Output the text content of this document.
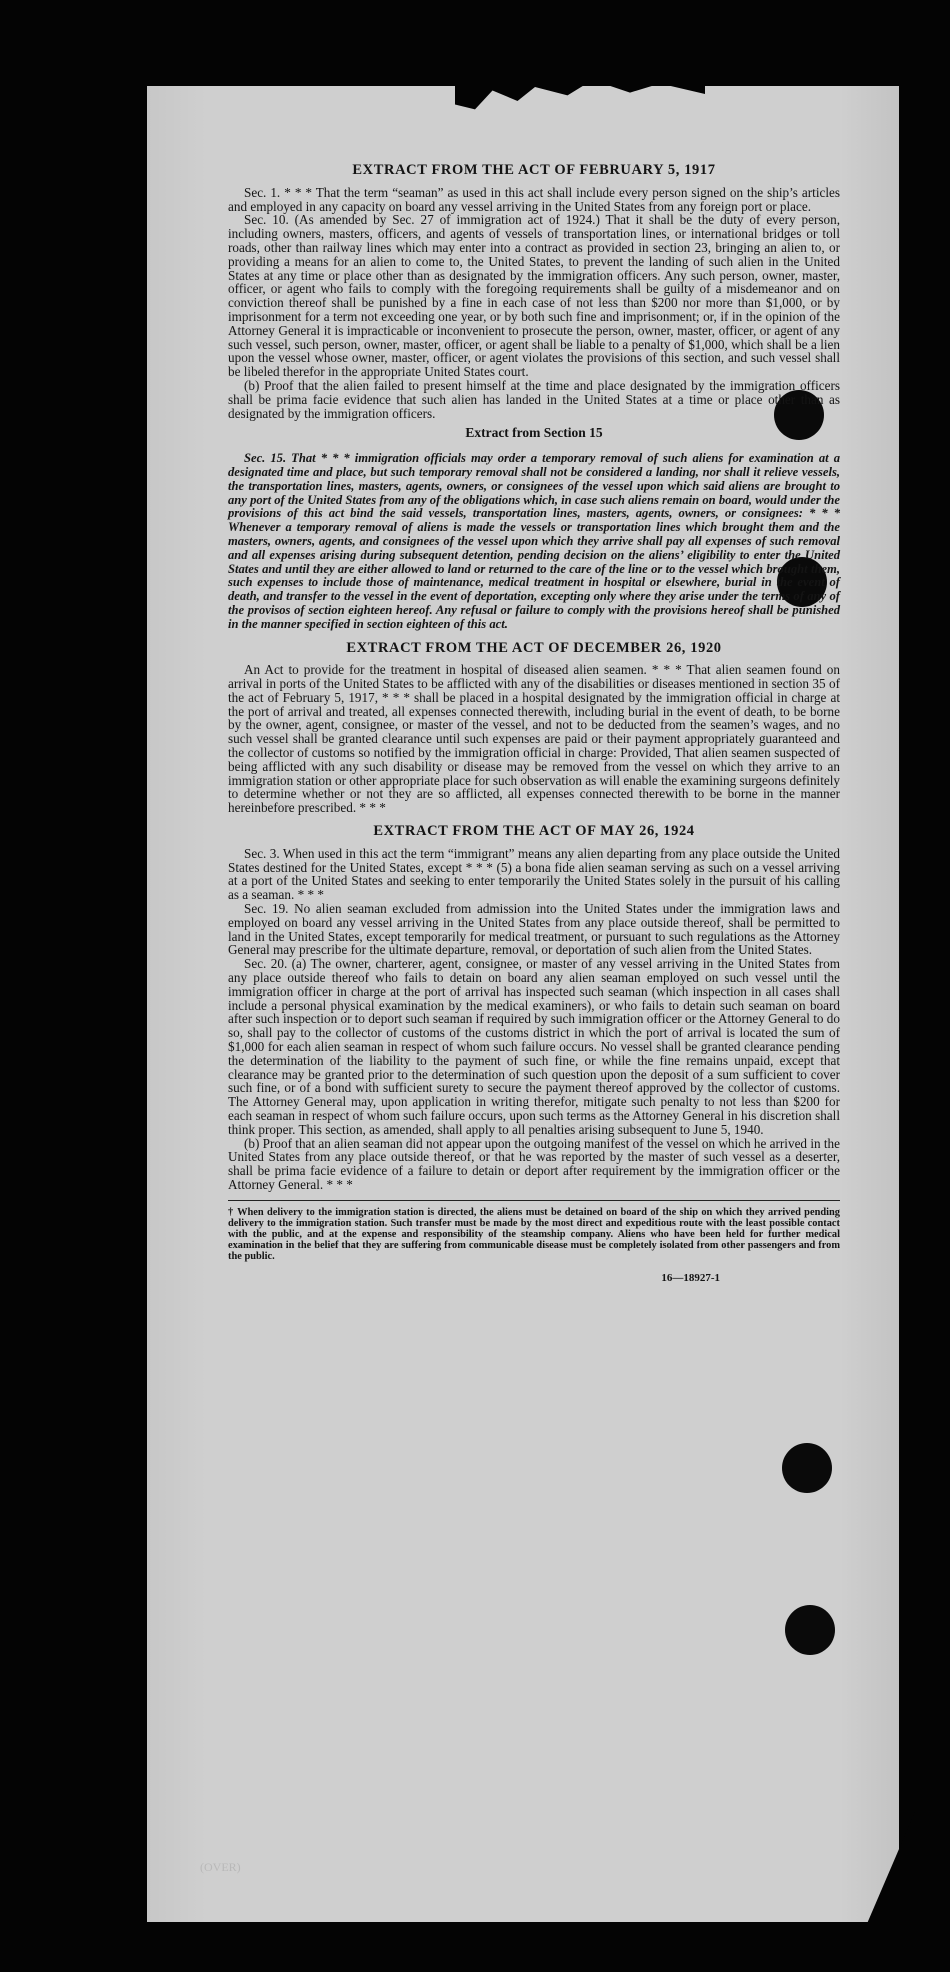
EXTRACT FROM THE ACT OF FEBRUARY 5, 1917

Sec. 1. * * * That the term “seaman” as used in this act shall include every person signed on the ship’s articles and employed in any capacity on board any vessel arriving in the United States from any foreign port or place.

Sec. 10. (As amended by Sec. 27 of immigration act of 1924.) That it shall be the duty of every person, including owners, masters, officers, and agents of vessels of transportation lines, or international bridges or toll roads, other than railway lines which may enter into a contract as provided in section 23, bringing an alien to, or providing a means for an alien to come to, the United States, to prevent the landing of such alien in the United States at any time or place other than as designated by the immigration officers. Any such person, owner, master, officer, or agent who fails to comply with the foregoing requirements shall be guilty of a misdemeanor and on conviction thereof shall be punished by a fine in each case of not less than $200 nor more than $1,000, or by imprisonment for a term not exceeding one year, or by both such fine and imprisonment; or, if in the opinion of the Attorney General it is impracticable or inconvenient to prosecute the person, owner, master, officer, or agent of any such vessel, such person, owner, master, officer, or agent shall be liable to a penalty of $1,000, which shall be a lien upon the vessel whose owner, master, officer, or agent violates the provisions of this section, and such vessel shall be libeled therefor in the appropriate United States court.

(b) Proof that the alien failed to present himself at the time and place designated by the immigration officers shall be prima facie evidence that such alien has landed in the United States at a time or place other than as designated by the immigration officers.

Extract from Section 15

Sec. 15. That * * * immigration officials may order a temporary removal of such aliens for examination at a designated time and place, but such temporary removal shall not be considered a landing, nor shall it relieve vessels, the transportation lines, masters, agents, owners, or consignees of the vessel upon which said aliens are brought to any port of the United States from any of the obligations which, in case such aliens remain on board, would under the provisions of this act bind the said vessels, transportation lines, masters, agents, owners, or consignees: * * * Whenever a temporary removal of aliens is made the vessels or transportation lines which brought them and the masters, owners, agents, and consignees of the vessel upon which they arrive shall pay all expenses of such removal and all expenses arising during subsequent detention, pending decision on the aliens’ eligibility to enter the United States and until they are either allowed to land or returned to the care of the line or to the vessel which brought them, such expenses to include those of maintenance, medical treatment in hospital or elsewhere, burial in the event of death, and transfer to the vessel in the event of deportation, excepting only where they arise under the terms of any of the provisos of section eighteen hereof. Any refusal or failure to comply with the provisions hereof shall be punished in the manner specified in section eighteen of this act.

EXTRACT FROM THE ACT OF DECEMBER 26, 1920

An Act to provide for the treatment in hospital of diseased alien seamen. * * * That alien seamen found on arrival in ports of the United States to be afflicted with any of the disabilities or diseases mentioned in section 35 of the act of February 5, 1917, * * * shall be placed in a hospital designated by the immigration official in charge at the port of arrival and treated, all expenses connected therewith, including burial in the event of death, to be borne by the owner, agent, consignee, or master of the vessel, and not to be deducted from the seamen’s wages, and no such vessel shall be granted clearance until such expenses are paid or their payment appropriately guaranteed and the collector of customs so notified by the immigration official in charge: Provided, That alien seamen suspected of being afflicted with any such disability or disease may be removed from the vessel on which they arrive to an immigration station or other appropriate place for such observation as will enable the examining surgeons definitely to determine whether or not they are so afflicted, all expenses connected therewith to be borne in the manner hereinbefore prescribed. * * *

EXTRACT FROM THE ACT OF MAY 26, 1924

Sec. 3. When used in this act the term “immigrant” means any alien departing from any place outside the United States destined for the United States, except * * * (5) a bona fide alien seaman serving as such on a vessel arriving at a port of the United States and seeking to enter temporarily the United States solely in the pursuit of his calling as a seaman. * * *

Sec. 19. No alien seaman excluded from admission into the United States under the immigration laws and employed on board any vessel arriving in the United States from any place outside thereof, shall be permitted to land in the United States, except temporarily for medical treatment, or pursuant to such regulations as the Attorney General may prescribe for the ultimate departure, removal, or deportation of such alien from the United States.

Sec. 20. (a) The owner, charterer, agent, consignee, or master of any vessel arriving in the United States from any place outside thereof who fails to detain on board any alien seaman employed on such vessel until the immigration officer in charge at the port of arrival has inspected such seaman (which inspection in all cases shall include a personal physical examination by the medical examiners), or who fails to detain such seaman on board after such inspection or to deport such seaman if required by such immigration officer or the Attorney General to do so, shall pay to the collector of customs of the customs district in which the port of arrival is located the sum of $1,000 for each alien seaman in respect of whom such failure occurs. No vessel shall be granted clearance pending the determination of the liability to the payment of such fine, or while the fine remains unpaid, except that clearance may be granted prior to the determination of such question upon the deposit of a sum sufficient to cover such fine, or of a bond with sufficient surety to secure the payment thereof approved by the collector of customs. The Attorney General may, upon application in writing therefor, mitigate such penalty to not less than $200 for each seaman in respect of whom such failure occurs, upon such terms as the Attorney General in his discretion shall think proper. This section, as amended, shall apply to all penalties arising subsequent to June 5, 1940.

(b) Proof that an alien seaman did not appear upon the outgoing manifest of the vessel on which he arrived in the United States from any place outside thereof, or that he was reported by the master of such vessel as a deserter, shall be prima facie evidence of a failure to detain or deport after requirement by the immigration officer or the Attorney General. * * *

† When delivery to the immigration station is directed, the aliens must be detained on board of the ship on which they arrived pending delivery to the immigration station. Such transfer must be made by the most direct and expeditious route with the least possible contact with the public, and at the expense and responsibility of the steamship company. Aliens who have been held for further medical examination in the belief that they are suffering from communicable disease must be completely isolated from other passengers and from the public.
16—18927-1
(OVER)
